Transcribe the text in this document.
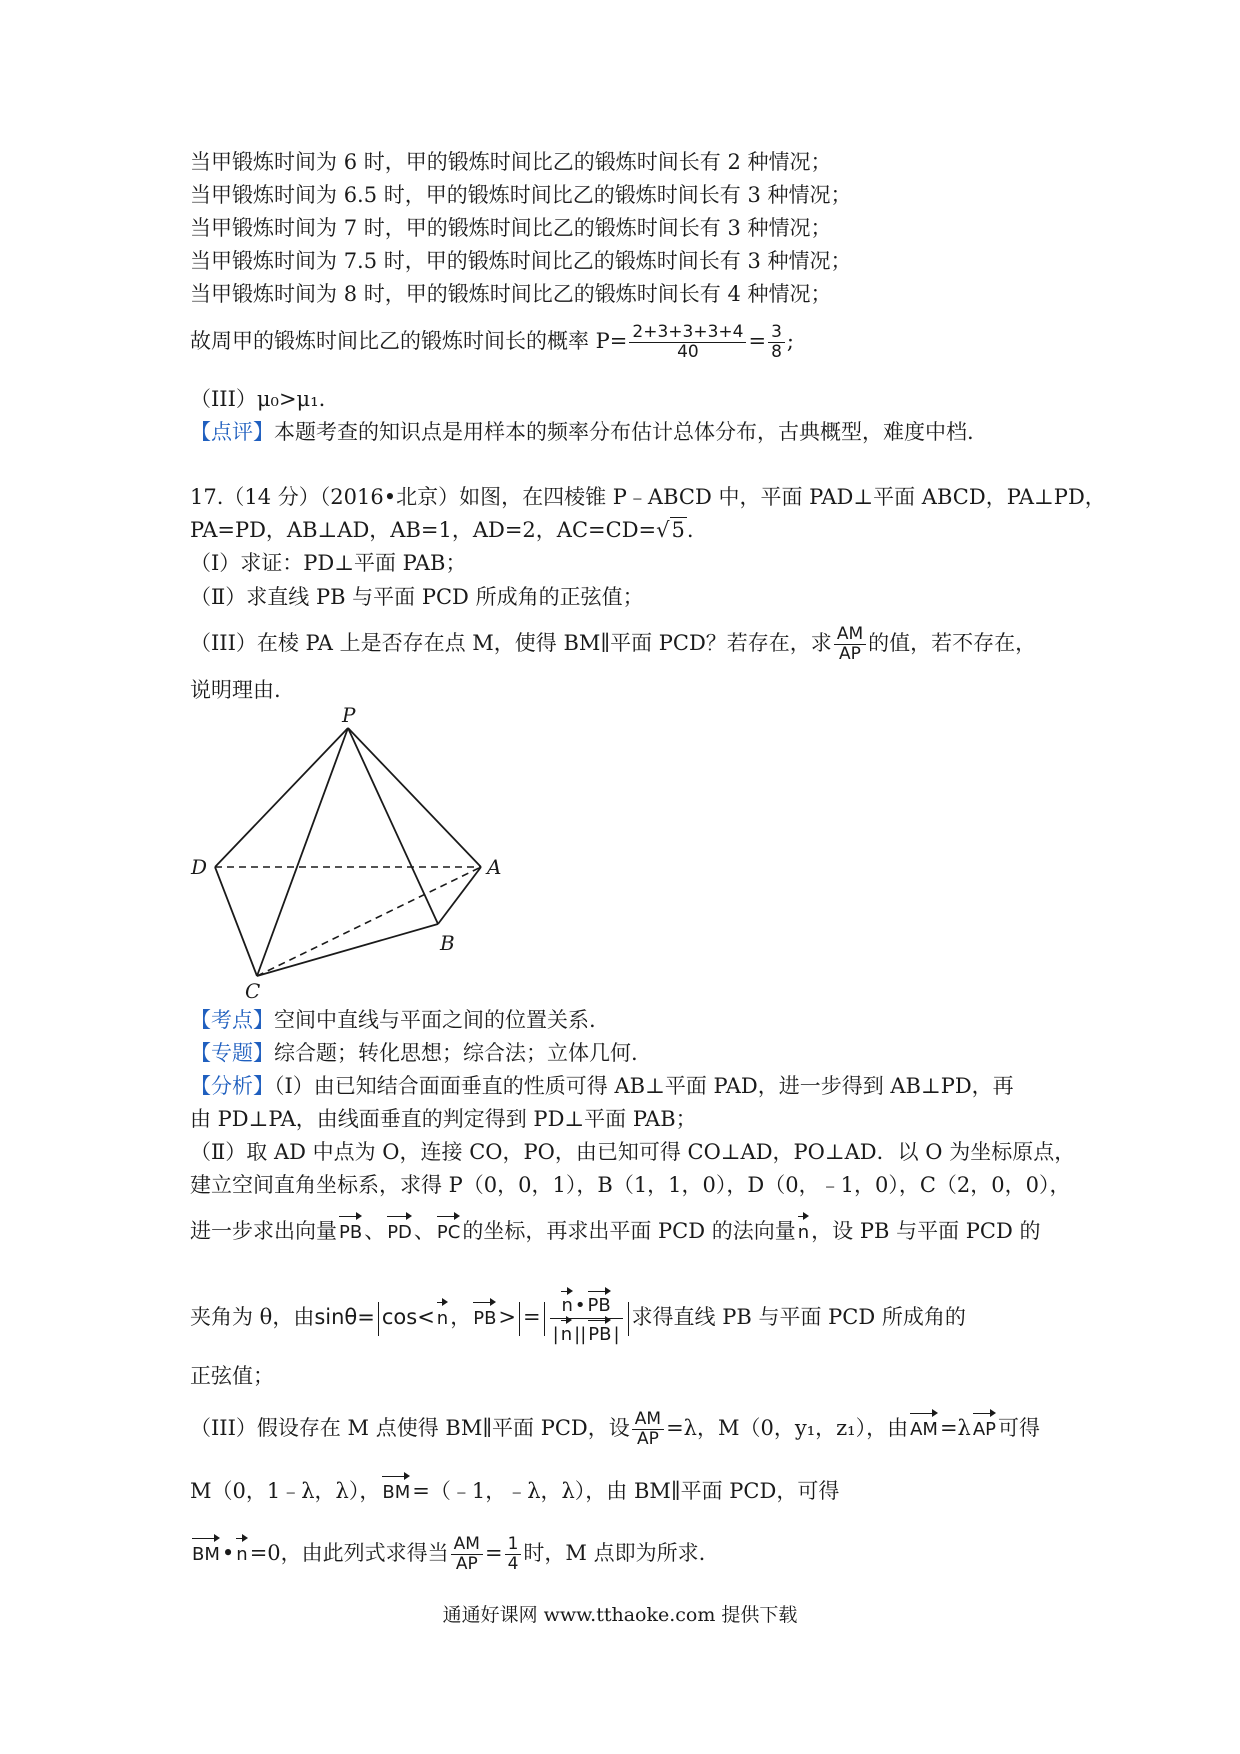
当甲锻炼时间为 6 时，甲的锻炼时间比乙的锻炼时间长有 2 种情况；
当甲锻炼时间为 6.5 时，甲的锻炼时间比乙的锻炼时间长有 3 种情况；
当甲锻炼时间为 7 时，甲的锻炼时间比乙的锻炼时间长有 3 种情况；
当甲锻炼时间为 7.5 时，甲的锻炼时间比乙的锻炼时间长有 3 种情况；
当甲锻炼时间为 8 时，甲的锻炼时间比乙的锻炼时间长有 4 种情况；
故周甲的锻炼时间比乙的锻炼时间长的概率 $P= \frac{2+3+3+3+4}{40} = \frac{3}{8}$ ;
（III）μ₀>μ₁.
【点评】本题考查的知识点是用样本的频率分布估计总体分布，古典概型，难度中档.
17.（14 分）（2016•北京）如图，在四棱锥 P﹣ABCD 中，平面 PAD⊥平面 ABCD，PA⊥PD，
PA=PD，AB⊥AD，AB=1，AD=2，AC=CD=√5.
（Ⅰ）求证：PD⊥平面 PAB；
（Ⅱ）求直线 PB 与平面 PCD 所成角的正弦值；
（III）在棱 PA 上是否存在点 M，使得 BM∥平面 PCD？若存在，求 $\frac{AM}{AP}$ 的值，若不存在，
说明理由.
P
D	A
B
C
【考点】空间中直线与平面之间的位置关系.
【专题】综合题；转化思想；综合法；立体几何.
【分析】（Ⅰ）由已知结合面面垂直的性质可得 AB⊥平面 PAD，进一步得到 AB⊥PD，再
由 PD⊥PA，由线面垂直的判定得到 PD⊥平面 PAB；
（Ⅱ）取 AD 中点为 O，连接 CO，PO，由已知可得 CO⊥AD，PO⊥AD．以 O 为坐标原点，
建立空间直角坐标系，求得 P（0，0，1），B（1，1，0），D（0，﹣1，0），C（2，0，0），
进一步求出向量 PB、 PD、 PC的坐标，再求出平面 PCD 的法向量 n，设 PB 与平面 PCD 的
夹角为 θ，由sinθ= cos< n， $PB> = \frac{n • PB}{| n || PB |}$ 求得直线 PB 与平面 PCD 所成角的
正弦值；
（III）假设存在 M 点使得 BM∥平面 PCD，设 $\frac{AM}{AP} =\lambda$，M（0，y₁，z₁），由 AM=λ AP可得
M（0，1﹣λ，λ）， BM=（﹣1，﹣λ，λ），由 BM∥平面 PCD，可得
BM• n=0，由此列式求得当 $\frac{AM}{AP} = \frac{1}{4}$ 时，M 点即为所求.
通通好课网 www.tthaoke.com 提供下载
